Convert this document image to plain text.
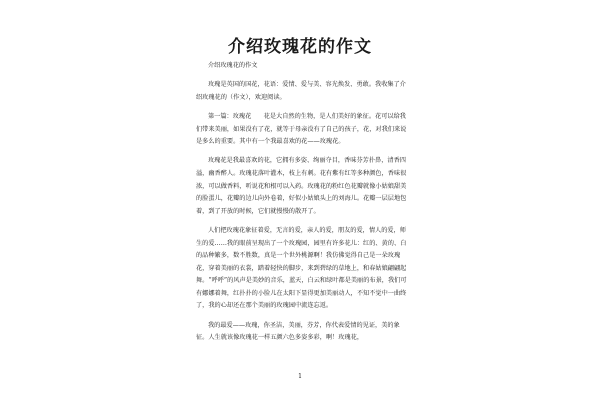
介绍玫瑰花的作文

介绍玫瑰花的作文

玫瑰是英国的国花，花语：爱情、爱与美、容光焕发、勇敢。我收集了介绍玫瑰花的（作文），欢迎阅读。

第一篇：玫瑰花　　花是大自然的生物，是人们美好的象征。花可以给我们带来美丽，如果没有了花，就等于母亲没有了自己的孩子，花，对我们来说是多么的重要。其中有一个我最喜欢的花——玫瑰花。

玫瑰花是我最喜欢的花，它拥有多姿、绚丽夺目，香味芬芳扑鼻，清香四溢，幽香醉人。玫瑰花落叶灌木，枝上有刺。花有紫有红等多种颜色，香味很浓，可以做香料，听说花和根可以入药。玫瑰花的粉红色花瓣就像小姑娘甜美的脸蛋儿，花瓣的边儿向外卷着，好似小姑娘头上的刘海儿。花瓣一层层地包着，到了开放的时候，它们就慢慢的散开了。

人们把玫瑰花象征着爱，无言的爱，亲人的爱，朋友的爱，情人的爱，师生的爱……我的眼前呈现出了一个玫瑰园，园里有许多花儿：红的、黄的、白的品种繁多，数不胜数，真是一个世外桃源啊！我仿佛觉得自己是一朵玫瑰花，穿着美丽的衣裳，踏着轻快的脚步，来到碧绿的草地上，和春姑娘翩翩起舞。“呼呼”的风声是美妙的音乐，蓝天，白云和绿叶都是美丽的布景，我们可有娜娜着舞，红扑扑的小脸儿在太阳下显得更加美丽动人，不知不觉中一曲终了，我的心却还在那个美丽的玫瑰园中流连忘返。

我的最爱——玫瑰，你圣洁，美丽，芬芳，你代表爱情的见证，美的象征。人生就该像玫瑰花一样五颜六色多姿多彩，啊！玫瑰花，

1
